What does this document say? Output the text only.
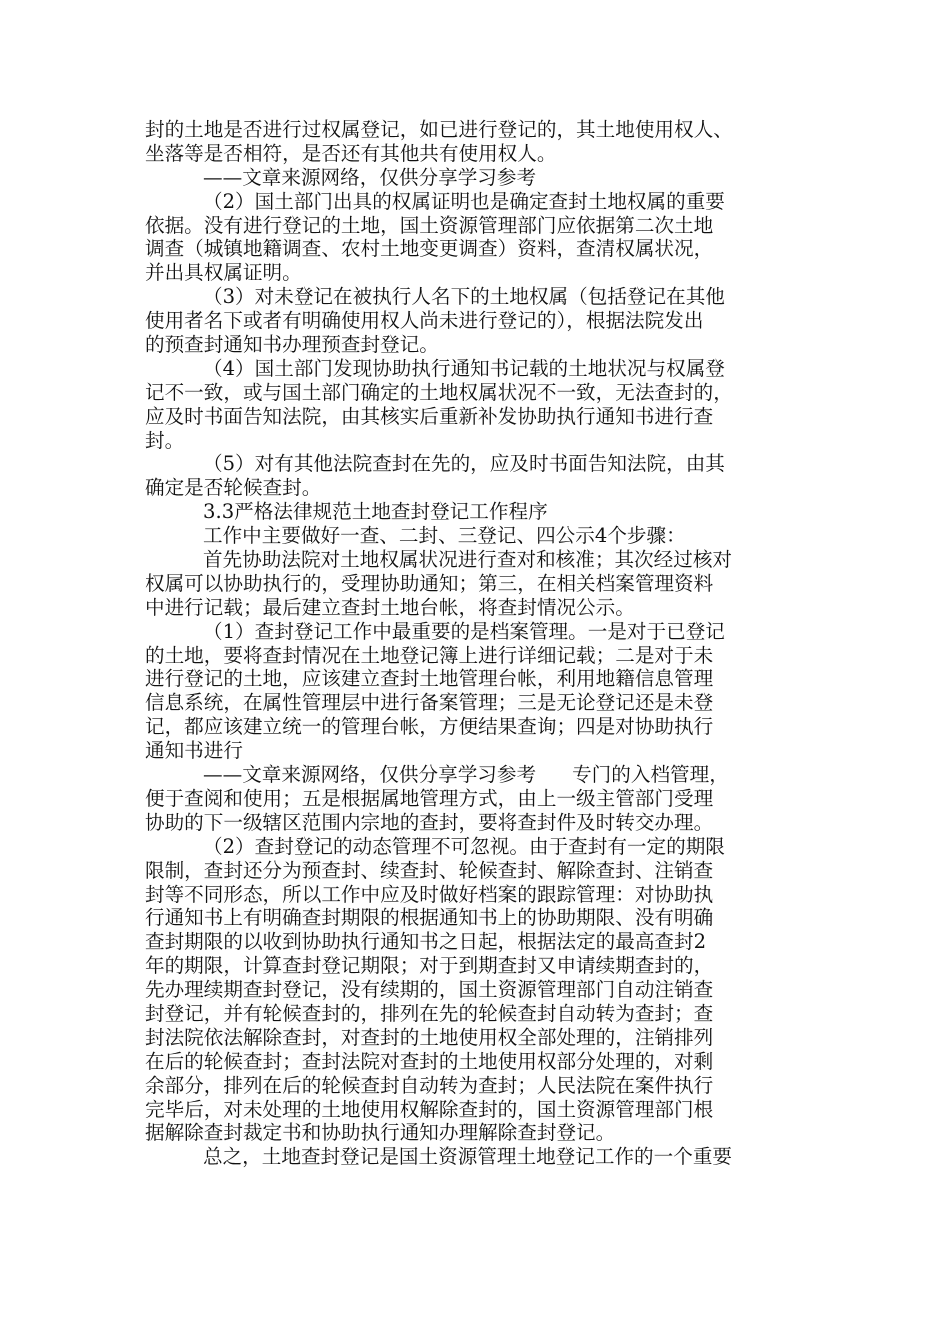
封的土地是否进行过权属登记，如已进行登记的，其土地使用权人、
坐落等是否相符，是否还有其他共有使用权人。
——文章来源网络，仅供分享学习参考
（2）国土部门出具的权属证明也是确定查封土地权属的重要
依据。没有进行登记的土地，国土资源管理部门应依据第二次土地
调查（城镇地籍调查、农村土地变更调查）资料，查清权属状况，
并出具权属证明。
（3）对未登记在被执行人名下的土地权属（包括登记在其他
使用者名下或者有明确使用权人尚未进行登记的），根据法院发出
的预查封通知书办理预查封登记。
（4）国土部门发现协助执行通知书记载的土地状况与权属登
记不一致，或与国土部门确定的土地权属状况不一致，无法查封的，
应及时书面告知法院，由其核实后重新补发协助执行通知书进行查
封。
（5）对有其他法院查封在先的，应及时书面告知法院，由其
确定是否轮候查封。
3.3严格法律规范土地查封登记工作程序
工作中主要做好一查、二封、三登记、四公示4个步骤：
首先协助法院对土地权属状况进行查对和核准；其次经过核对
权属可以协助执行的，受理协助通知；第三，在相关档案管理资料
中进行记载；最后建立查封土地台帐，将查封情况公示。
（1）查封登记工作中最重要的是档案管理。一是对于已登记
的土地，要将查封情况在土地登记簿上进行详细记载；二是对于未
进行登记的土地，应该建立查封土地管理台帐，利用地籍信息管理
信息系统，在属性管理层中进行备案管理；三是无论登记还是未登
记，都应该建立统一的管理台帐，方便结果查询；四是对协助执行
通知书进行
——文章来源网络，仅供分享学习参考 专门的入档管理，
便于查阅和使用；五是根据属地管理方式，由上一级主管部门受理
协助的下一级辖区范围内宗地的查封，要将查封件及时转交办理。
（2）查封登记的动态管理不可忽视。由于查封有一定的期限
限制，查封还分为预查封、续查封、轮候查封、解除查封、注销查
封等不同形态，所以工作中应及时做好档案的跟踪管理：对协助执
行通知书上有明确查封期限的根据通知书上的协助期限、没有明确
查封期限的以收到协助执行通知书之日起，根据法定的最高查封2
年的期限，计算查封登记期限；对于到期查封又申请续期查封的，
先办理续期查封登记，没有续期的，国土资源管理部门自动注销查
封登记，并有轮候查封的，排列在先的轮候查封自动转为查封；查
封法院依法解除查封，对查封的土地使用权全部处理的，注销排列
在后的轮候查封；查封法院对查封的土地使用权部分处理的，对剩
余部分，排列在后的轮候查封自动转为查封；人民法院在案件执行
完毕后，对未处理的土地使用权解除查封的，国土资源管理部门根
据解除查封裁定书和协助执行通知办理解除查封登记。
总之，土地查封登记是国土资源管理土地登记工作的一个重要
